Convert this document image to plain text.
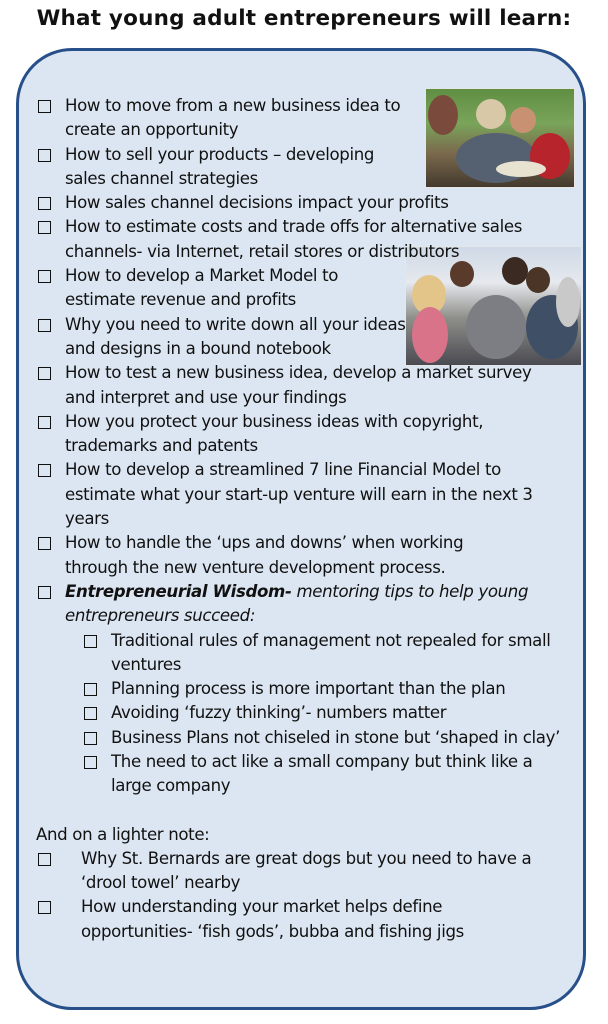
What young adult entrepreneurs will learn:
How to move from a new business idea to create an opportunity
How to sell your products – developing sales channel strategies
How sales channel decisions impact your profits
How to estimate costs and trade offs for alternative sales channels- via Internet, retail stores or distributors
How to develop a Market Model to estimate revenue and profits
Why you need to write down all your ideas and designs in a bound notebook
How to test a new business idea, develop a market survey and interpret and use your findings
How you protect your business ideas with copyright, trademarks and patents
How to develop a streamlined 7 line Financial Model to estimate what your start-up venture will earn in the next 3 years
How to handle the ‘ups and downs’ when working through the new venture development process.
Entrepreneurial Wisdom- mentoring tips to help young entrepreneurs succeed:
Traditional rules of management not repealed for small ventures
Planning process is more important than the plan
Avoiding ‘fuzzy thinking’- numbers matter
Business Plans not chiseled in stone but ‘shaped in clay’
The need to act like a small company but think like a large company
And on a lighter note:
Why St. Bernards are great dogs but you need to have a ‘drool towel’ nearby
How understanding your market helps define opportunities- ‘fish gods’, bubba and fishing jigs
